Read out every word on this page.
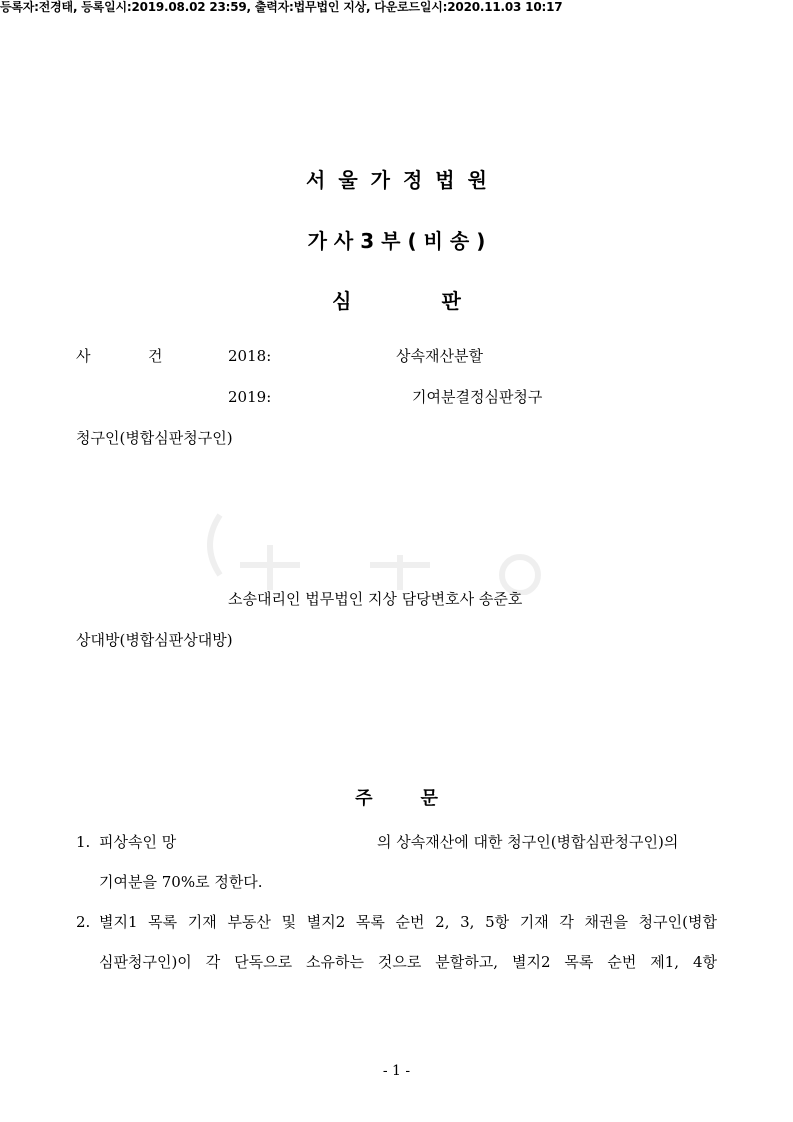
등록자:전경태, 등록일시:2019.08.02 23:59, 출력자:법무법인 지상, 다운로드일시:2020.11.03 10:17
서울가정법원
가사3부(비송)
심	판
사	건	2018:	상속재산분할
2019:	기여분결정심판청구
청구인(병합심판청구인)
소송대리인 법무법인 지상 담당변호사 송준호
상대방(병합심판상대방)
주	문
1. 피상속인 망	의 상속재산에 대한 청구인(병합심판청구인)의
기여분을 70%로 정한다.
2. 별지1 목록 기재 부동산 및 별지2 목록 순번 2, 3, 5항 기재 각 채권을 청구인(병합
심판청구인)이 각 단독으로 소유하는 것으로 분할하고, 별지2 목록 순번 제1, 4항
- 1 -
